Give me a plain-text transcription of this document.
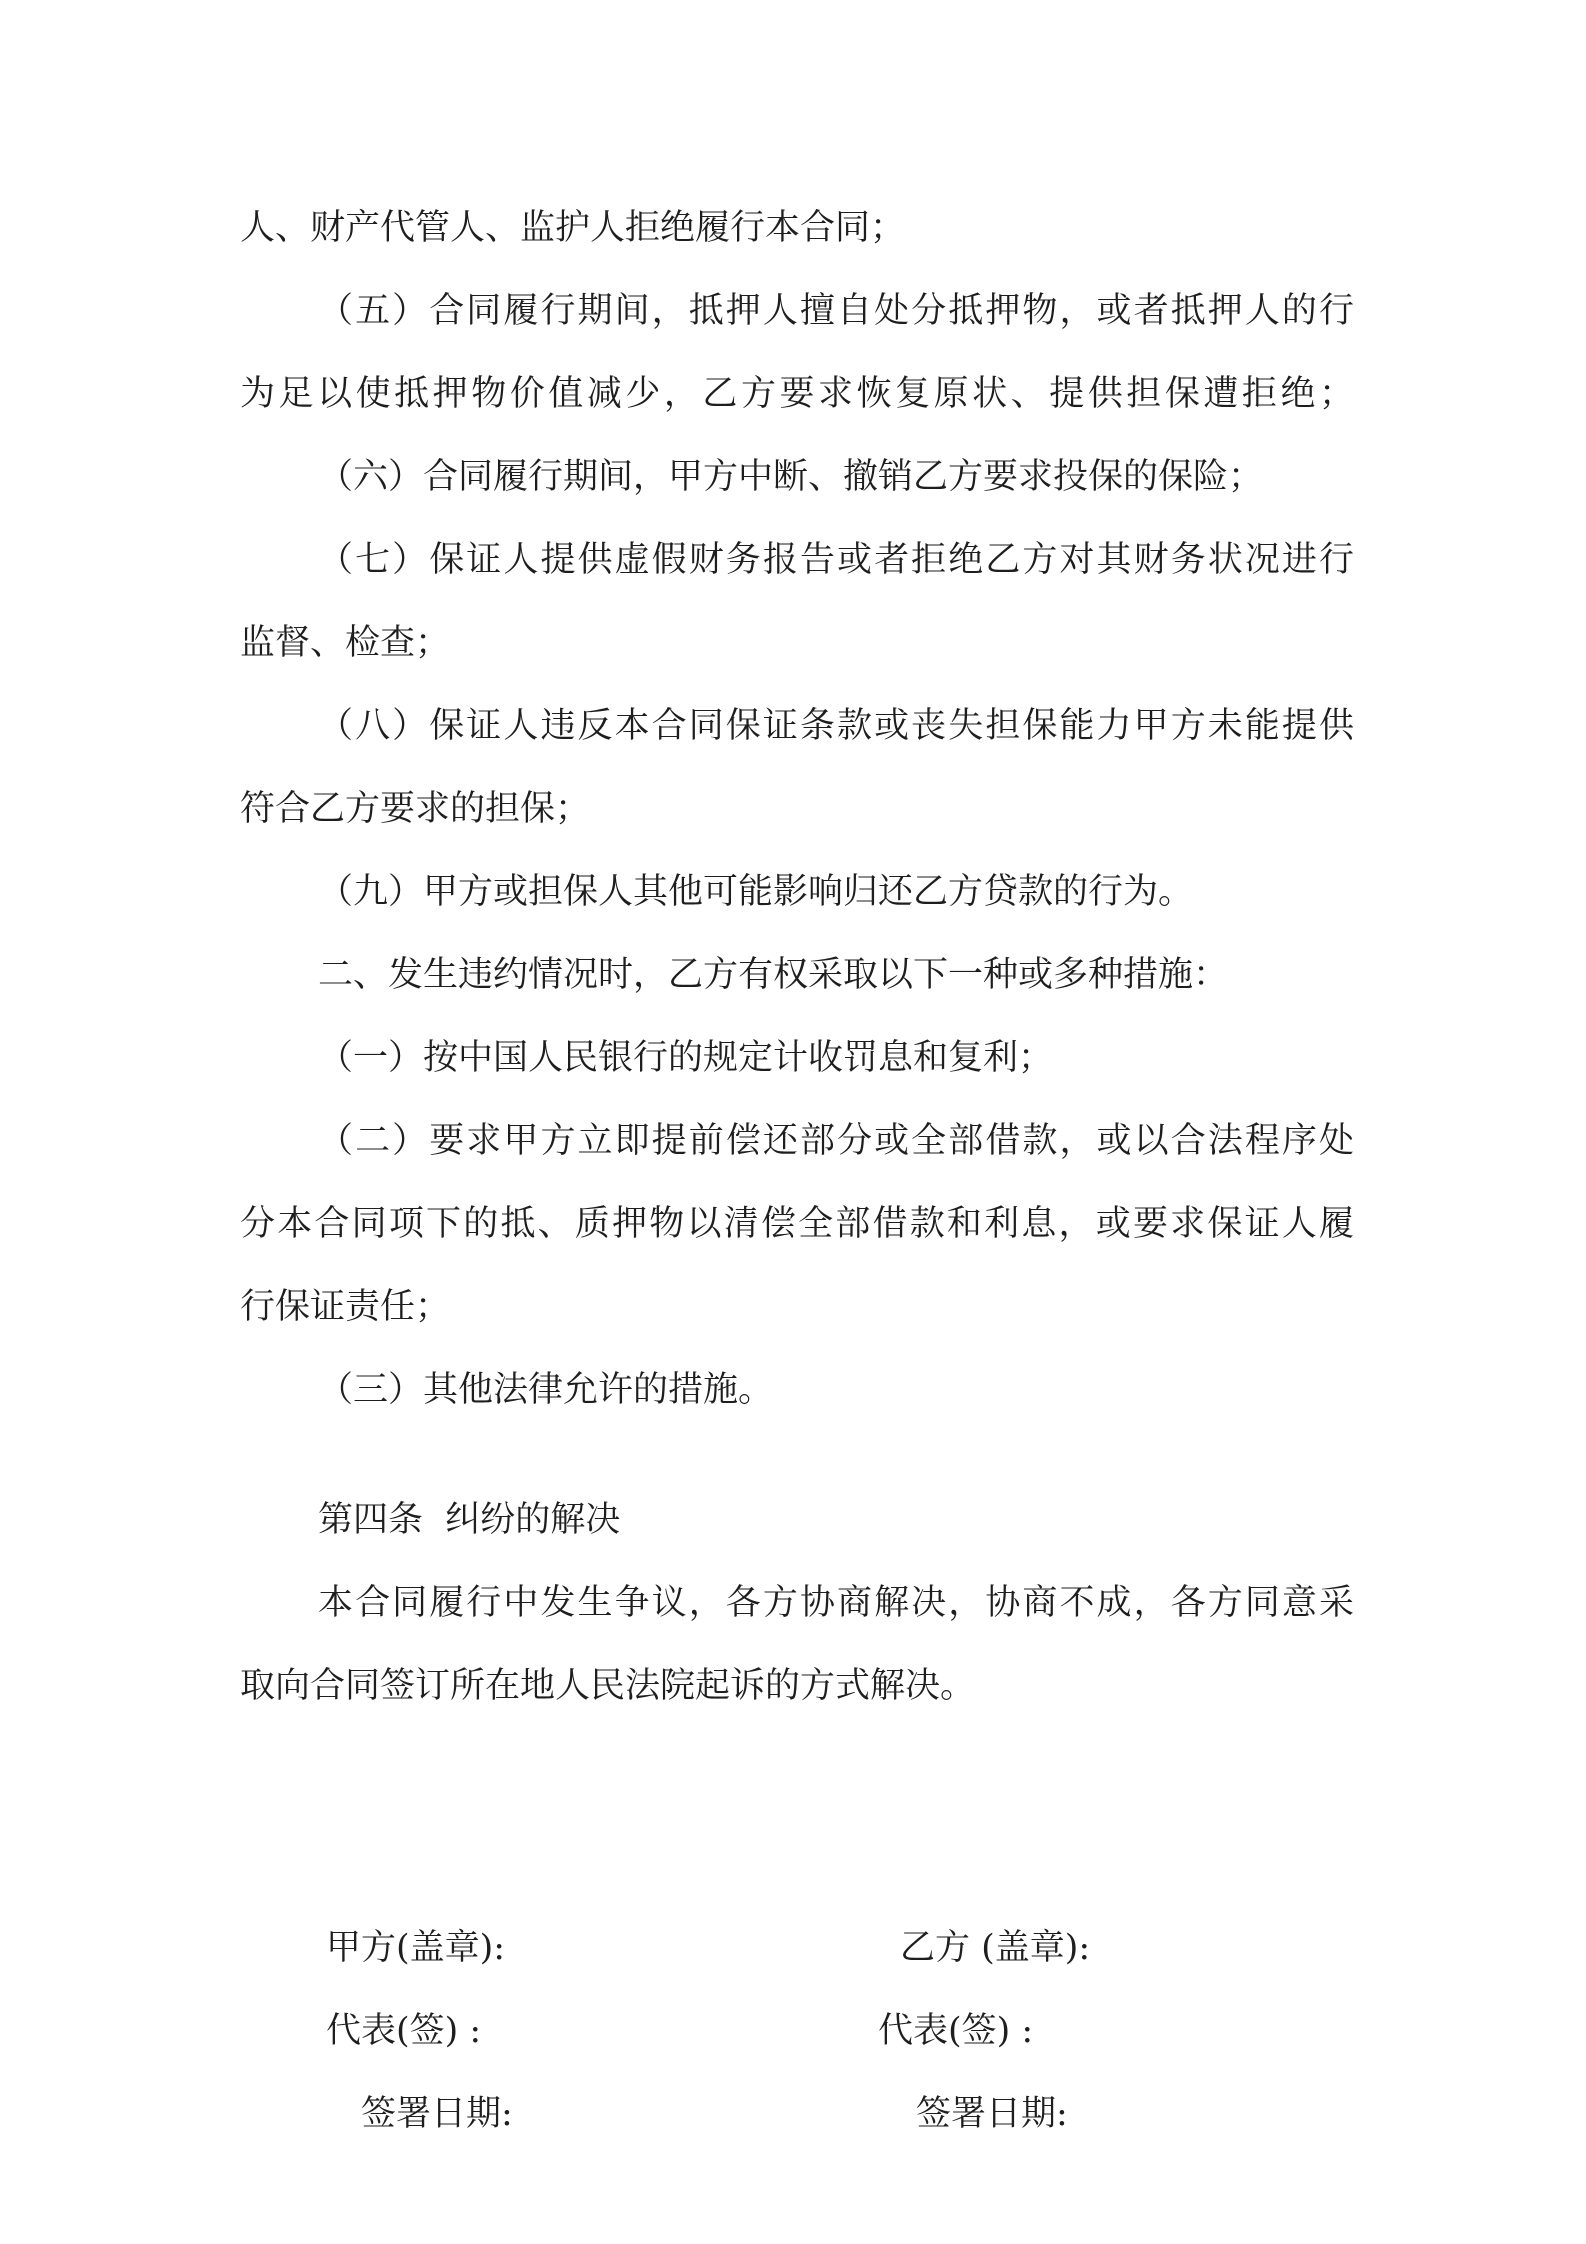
人、财产代管人、监护人拒绝履行本合同；

（五）合同履行期间，抵押人擅自处分抵押物，或者抵押人的行

为足以使抵押物价值减少，乙方要求恢复原状、提供担保遭拒绝；

（六）合同履行期间，甲方中断、撤销乙方要求投保的保险；

（七）保证人提供虚假财务报告或者拒绝乙方对其财务状况进行

监督、检查；

（八）保证人违反本合同保证条款或丧失担保能力甲方未能提供

符合乙方要求的担保；

（九）甲方或担保人其他可能影响归还乙方贷款的行为。

二、发生违约情况时，乙方有权采取以下一种或多种措施：

（一）按中国人民银行的规定计收罚息和复利；

（二）要求甲方立即提前偿还部分或全部借款，或以合法程序处

分本合同项下的抵、质押物以清偿全部借款和利息，或要求保证人履

行保证责任；

（三）其他法律允许的措施。

第四条  纠纷的解决

本合同履行中发生争议，各方协商解决，协商不成，各方同意采

取向合同签订所在地人民法院起诉的方式解决。

甲方(盖章):	乙方 (盖章):
代表(签) :	代表(签) :
签署日期:	签署日期:
